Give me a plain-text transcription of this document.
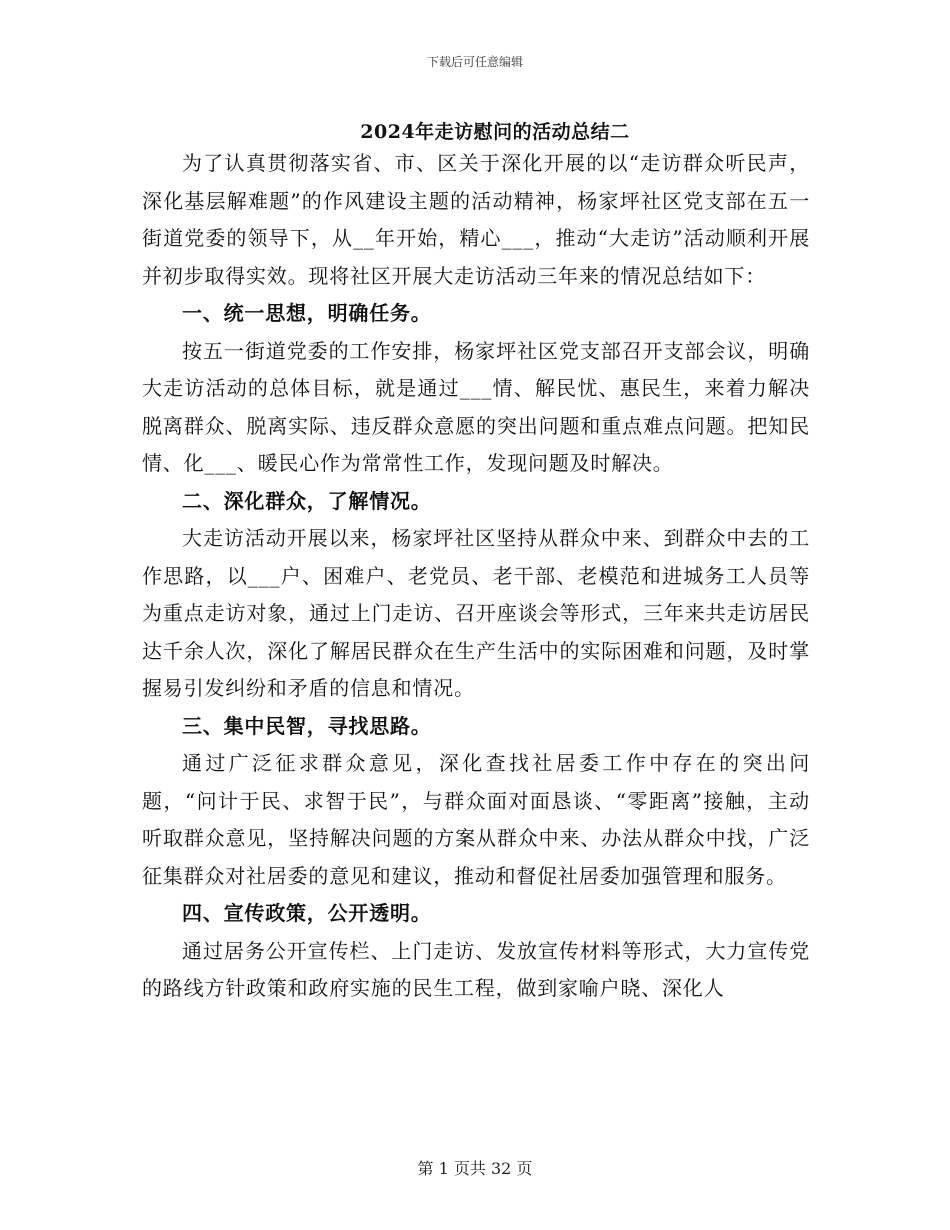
下载后可任意编辑
2024年走访慰问的活动总结二

为了认真贯彻落实省、市、区关于深化开展的以“走访群众听民声，深化基层解难题”的作风建设主题的活动精神，杨家坪社区党支部在五一街道党委的领导下，从__年开始，精心___，推动“大走访”活动顺利开展并初步取得实效。现将社区开展大走访活动三年来的情况总结如下：

一、统一思想，明确任务。

按五一街道党委的工作安排，杨家坪社区党支部召开支部会议，明确大走访活动的总体目标，就是通过___情、解民忧、惠民生，来着力解决脱离群众、脱离实际、违反群众意愿的突出问题和重点难点问题。把知民情、化___、暖民心作为常常性工作，发现问题及时解决。

二、深化群众，了解情况。

大走访活动开展以来，杨家坪社区坚持从群众中来、到群众中去的工作思路，以___户、困难户、老党员、老干部、老模范和进城务工人员等为重点走访对象，通过上门走访、召开座谈会等形式，三年来共走访居民达千余人次，深化了解居民群众在生产生活中的实际困难和问题，及时掌握易引发纠纷和矛盾的信息和情况。

三、集中民智，寻找思路。

通过广泛征求群众意见，深化查找社居委工作中存在的突出问题，“问计于民、求智于民”，与群众面对面恳谈、“零距离”接触，主动听取群众意见，坚持解决问题的方案从群众中来、办法从群众中找，广泛征集群众对社居委的意见和建议，推动和督促社居委加强管理和服务。

四、宣传政策，公开透明。

通过居务公开宣传栏、上门走访、发放宣传材料等形式，大力宣传党的路线方针政策和政府实施的民生工程，做到家喻户晓、深化人

第 1 页共 32 页
